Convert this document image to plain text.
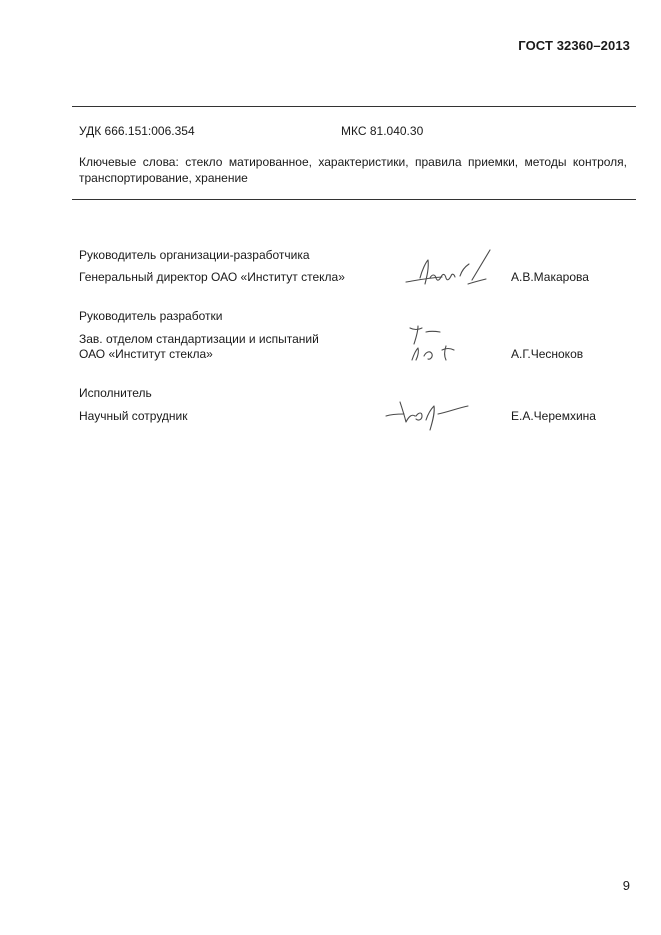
ГОСТ 32360–2013
УДК 666.151:006.354	МКС 81.040.30
Ключевые слова: стекло матированное, характеристики, правила приемки, методы контроля, транспортирование, хранение
Руководитель организации-разработчика
Генеральный директор ОАО «Институт стекла»	А.В.Макарова
Руководитель разработки
Зав. отделом стандартизации и испытаний
ОАО «Институт стекла»	А.Г.Чесноков
Исполнитель
Научный сотрудник	Е.А.Черемхина
9
